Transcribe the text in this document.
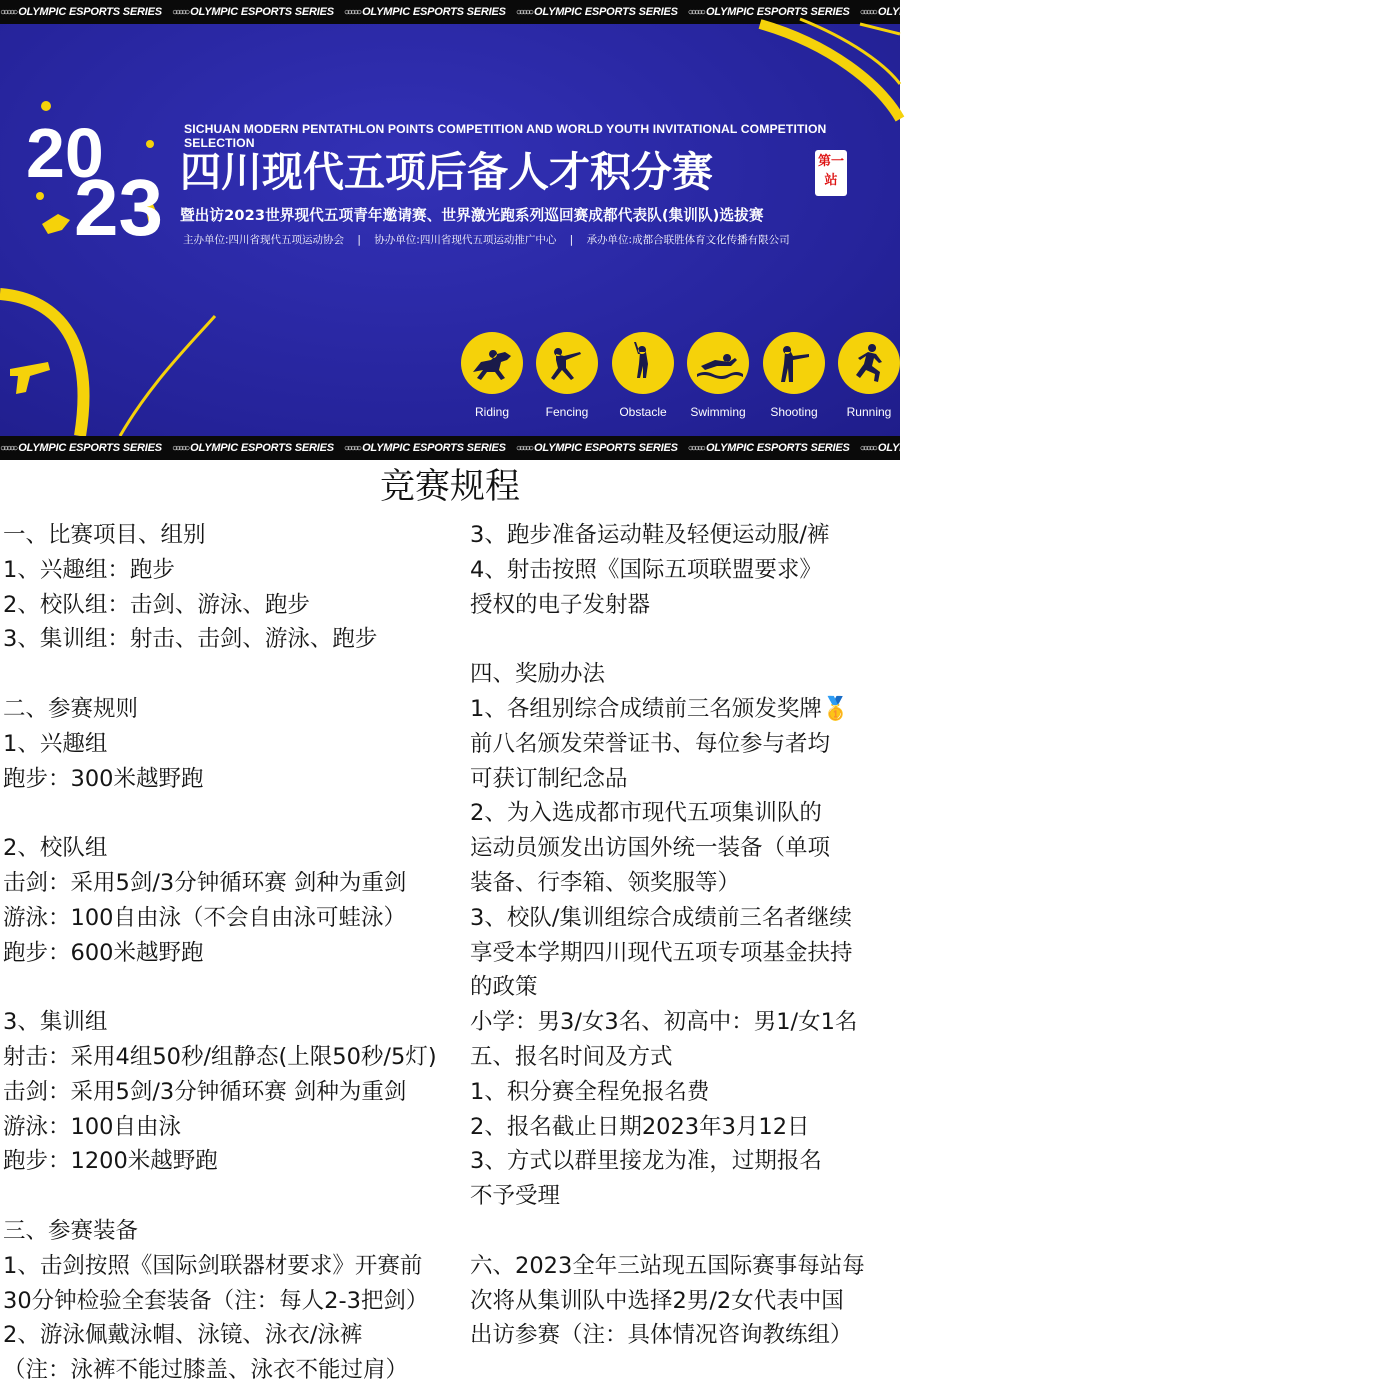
○○○○○ OLYMPIC ESPORTS SERIES ○○○○○ OLYMPIC ESPORTS SERIES ○○○○○ OLYMPIC ESPORTS SERIES ○○○○○ OLYMPIC ESPORTS SERIES ○○○○○ OLYMPIC ESPORTS SERIES ○○○○○ OLYMPIC ESPORTS SERIES ○○○○○ OLYMPIC ESPORTS SERIES ○○○○○ OLYMPIC ESPORTS SERIES
20
23
SICHUAN MODERN PENTATHLON POINTS COMPETITION AND WORLD YOUTH INVITATIONAL COMPETITION SELECTION
四川现代五项后备人才积分赛	第一站
暨出访2023世界现代五项青年邀请赛、世界激光跑系列巡回赛成都代表队(集训队)选拔赛
主办单位:四川省现代五项运动协会 | 协办单位:四川省现代五项运动推广中心 | 承办单位:成都合联胜体育文化传播有限公司
Riding	Fencing	Obstacle	Swimming	Shooting	Running
○○○○○ OLYMPIC ESPORTS SERIES ○○○○○ OLYMPIC ESPORTS SERIES ○○○○○ OLYMPIC ESPORTS SERIES ○○○○○ OLYMPIC ESPORTS SERIES ○○○○○ OLYMPIC ESPORTS SERIES ○○○○○ OLYMPIC ESPORTS SERIES ○○○○○ OLYMPIC ESPORTS SERIES ○○○○○ OLYMPIC ESPORTS SERIES
竞赛规程
一、比赛项目、组别
1、兴趣组：跑步
2、校队组：击剑、游泳、跑步
3、集训组：射击、击剑、游泳、跑步
二、参赛规则
1、兴趣组
跑步：300米越野跑
2、校队组
击剑：采用5剑/3分钟循环赛 剑种为重剑
游泳：100自由泳（不会自由泳可蛙泳）
跑步：600米越野跑
3、集训组
射击：采用4组50秒/组静态(上限50秒/5灯)
击剑：采用5剑/3分钟循环赛 剑种为重剑
游泳：100自由泳
跑步：1200米越野跑
三、参赛装备
1、击剑按照《国际剑联器材要求》开赛前
30分钟检验全套装备（注：每人2-3把剑）
2、游泳佩戴泳帽、泳镜、泳衣/泳裤
（注：泳裤不能过膝盖、泳衣不能过肩）
3、跑步准备运动鞋及轻便运动服/裤
4、射击按照《国际五项联盟要求》
授权的电子发射器
四、奖励办法
1、各组别综合成绩前三名颁发奖牌🥇
前八名颁发荣誉证书、每位参与者均
可获订制纪念品
2、为入选成都市现代五项集训队的
运动员颁发出访国外统一装备（单项
装备、行李箱、领奖服等）
3、校队/集训组综合成绩前三名者继续
享受本学期四川现代五项专项基金扶持
的政策
小学：男3/女3名、初高中：男1/女1名
五、报名时间及方式
1、积分赛全程免报名费
2、报名截止日期2023年3月12日
3、方式以群里接龙为准，过期报名
不予受理
六、2023全年三站现五国际赛事每站每
次将从集训队中选择2男/2女代表中国
出访参赛（注：具体情况咨询教练组）
